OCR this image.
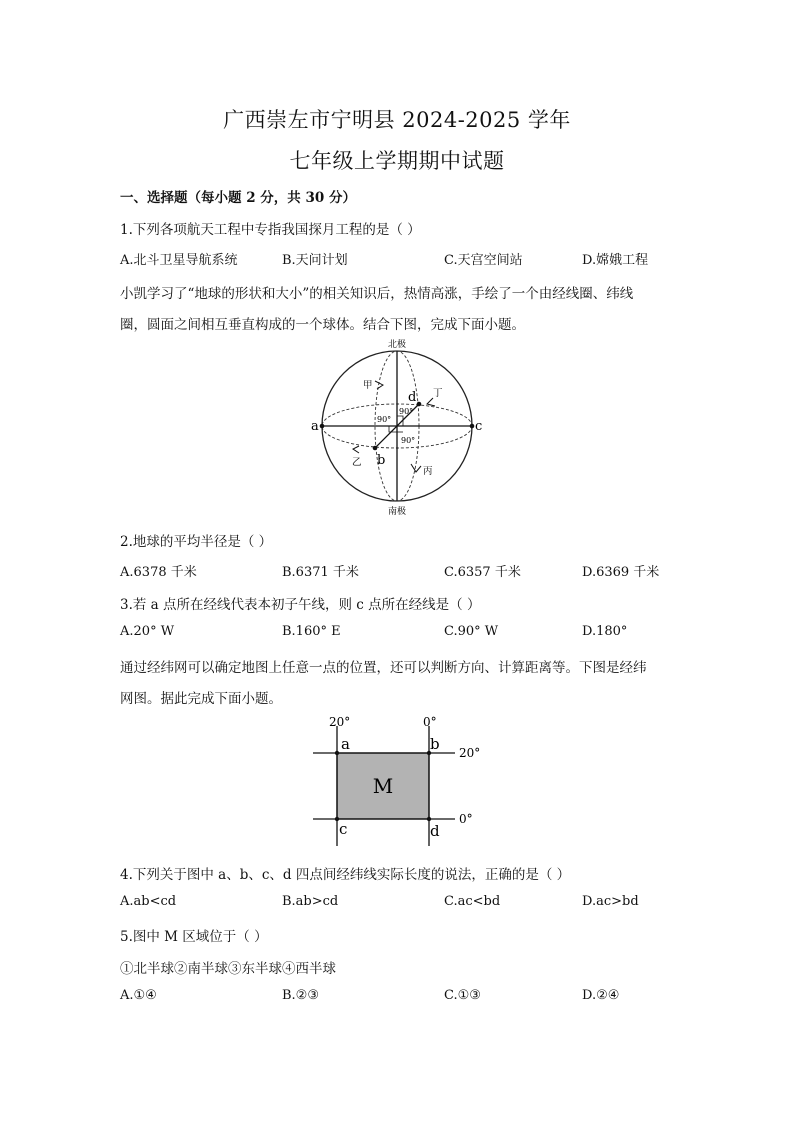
广西崇左市宁明县 2024-2025 学年
七年级上学期期中试题
一、选择题（每小题 2 分，共 30 分）
1.下列各项航天工程中专指我国探月工程的是（ ）
A.北斗卫星导航系统	B.天问计划	C.天宫空间站	D.嫦娥工程
小凯学习了“地球的形状和大小”的相关知识后，热情高涨，手绘了一个由经线圈、纬线
圈，圆面之间相互垂直构成的一个球体。结合下图，完成下面小题。
北极
南极
a	c
b
d
甲
丁
乙
丙
90°
90°
90°
2.地球的平均半径是（ ）
A.6378 千米	B.6371 千米	C.6357 千米	D.6369 千米
3.若 a 点所在经线代表本初子午线，则 c 点所在经线是（ ）
A.20° W	B.160° E	C.90° W	D.180°
通过经纬网可以确定地图上任意一点的位置，还可以判断方向、计算距离等。下图是经纬
网图。据此完成下面小题。
20°	0°
20°
0°
a	b
c	d
M
4.下列关于图中 a、b、c、d 四点间经纬线实际长度的说法，正确的是（ ）
A.ab<cd	B.ab>cd	C.ac<bd	D.ac>bd
5.图中 M 区域位于（ ）
①北半球②南半球③东半球④西半球
A.①④	B.②③	C.①③	D.②④
